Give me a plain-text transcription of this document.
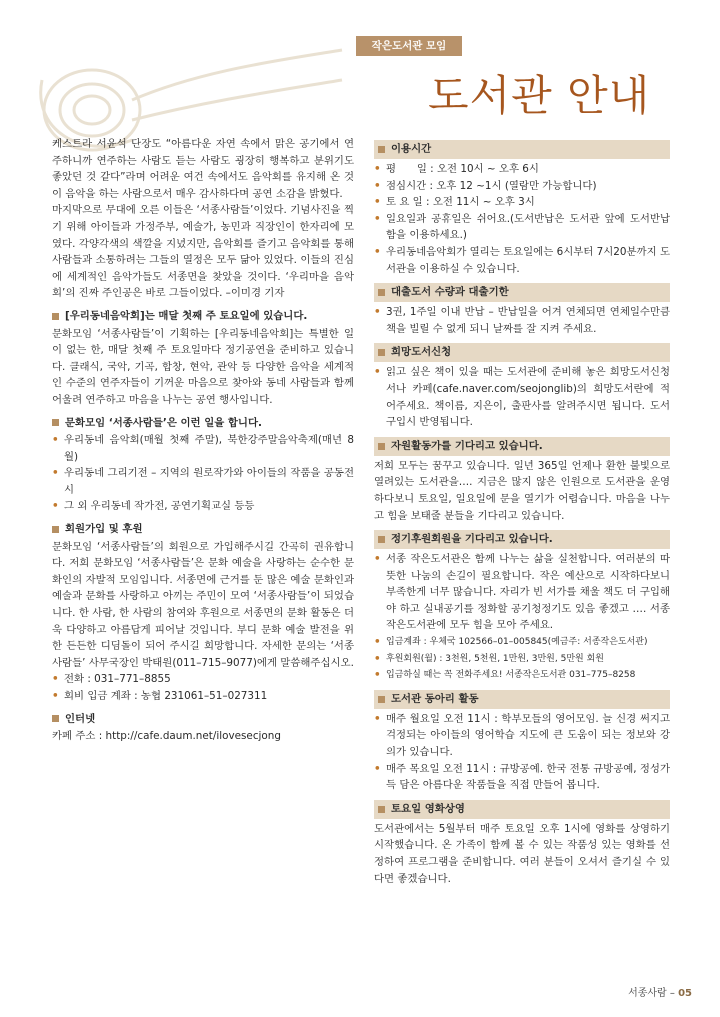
작은도서관 모임
도서관 안내

케스트라 서윤석 단장도 “아름다운 자연 속에서 맑은 공기에서 연주하니까 연주하는 사람도 듣는 사람도 굉장히 행복하고 분위기도 좋았던 것 같다”라며 어려운 여건 속에서도 음악회를 유지해 온 것이 음악을 하는 사람으로서 매우 감사하다며 공연 소감을 밝혔다.

마지막으로 무대에 오른 이들은 ‘서종사람들’이었다. 기념사진을 찍기 위해 아이들과 가정주부, 예술가, 농민과 직장인이 한자리에 모였다. 각양각색의 색깔을 지녔지만, 음악회를 즐기고 음악회를 통해 사람들과 소통하려는 그들의 열정은 모두 닮아 있었다. 이들의 진심에 세계적인 음악가들도 서종면을 찾았을 것이다. ‘우리마을 음악회’의 진짜 주인공은 바로 그들이었다. –이미경 기자

[우리동네음악회]는 매달 첫째 주 토요일에 있습니다.

문화모임 ‘서종사람들’이 기획하는 [우리동네음악회]는 특별한 일이 없는 한, 매달 첫째 주 토요일마다 정기공연을 준비하고 있습니다. 클래식, 국악, 기곡, 합창, 현악, 관악 등 다양한 음악을 세계적인 수준의 연주자들이 기꺼운 마음으로 찾아와 동네 사람들과 함께 어울려 연주하고 마음을 나누는 공연 행사입니다.

문화모임 ‘서종사람들’은 이런 일을 합니다.
• 우리동네 음악회(매월 첫째 주말), 북한강주말음악축제(매년 8월)
• 우리동네 그리기전 – 지역의 원로작가와 아이들의 작품을 공동전시
• 그 외 우리동네 작가전, 공연기획교실 등등
회원가입 및 후원

문화모임 ‘서종사람들’의 회원으로 가입해주시길 간곡히 권유합니다. 저희 문화모임 ‘서종사람들’은 문화 예술을 사랑하는 순수한 문화인의 자발적 모임입니다. 서종면에 근거를 둔 많은 예술 문화인과 예술과 문화를 사랑하고 아끼는 주민이 모여 ‘서종사람들’이 되었습니다. 한 사람, 한 사람의 참여와 후원으로 서종면의 문화 활동은 더욱 다양하고 아름답게 피어날 것입니다. 부디 문화 예술 발전을 위한 든든한 디딤돌이 되어 주시길 희망합니다. 자세한 문의는 ‘서종사람들’ 사무국장인 박태원(011–715–9077)에게 말씀해주십시오.

• 전화 : 031–771–8855
• 회비 입금 계좌 : 농협 231061–51–027311
인터넷

카페 주소 : http://cafe.daum.net/ilovesecjong

이용시간
• 평　　일 : 오전 10시 ~ 오후 6시
• 점심시간 : 오후 12 ~1시 (열람만 가능합니다)
• 토 요 일 : 오전 11시 ~ 오후 3시
• 일요일과 공휴일은 쉬어요.(도서반납은 도서관 앞에 도서반납함을 이용하세요.)
• 우리동네음악회가 열리는 토요일에는 6시부터 7시20분까지 도서관을 이용하실 수 있습니다.
대출도서 수량과 대출기한
• 3권, 1주일 이내 반납 – 반납일을 어겨 연체되면 연체일수만큼 책을 빌릴 수 없게 되니 날짜를 잘 지켜 주세요.
희망도서신청
• 읽고 싶은 책이 있을 때는 도서관에 준비해 놓은 희망도서신청서나 카페(cafe.naver.com/seojonglib)의 희망도서란에 적어주세요. 책이름, 지은이, 출판사를 알려주시면 됩니다. 도서 구입시 반영됩니다.
자원활동가를 기다리고 있습니다.

저희 모두는 꿈꾸고 있습니다. 일년 365일 언제나 환한 불빛으로 열려있는 도서관을…. 지금은 많지 않은 인원으로 도서관을 운영하다보니 토요일, 일요일에 문을 열기가 어렵습니다. 마음을 나누고 힘을 보태줄 분들을 기다리고 있습니다.

정기후원회원을 기다리고 있습니다.
• 서종 작은도서관은 함께 나누는 삶을 실천합니다. 여러분의 따뜻한 나눔의 손길이 필요합니다. 작은 예산으로 시작하다보니 부족한게 너무 많습니다. 자리가 빈 서가를 채울 책도 더 구입해야 하고 실내공기를 정화할 공기청정기도 있음 좋겠고 …. 서종 작은도서관에 모두 힘을 모아 주세요.
• 입금계좌 : 우체국 102566–01–005845(예금주: 서종작은도서관)
• 후원회원(월) : 3천원, 5천원, 1만원, 3만원, 5만원 회원
• 입금하실 때는 꼭 전화주세요! 서종작은도서관 031–775–8258
도서관 동아리 활동
• 매주 월요일 오전 11시 : 학부모들의 영어모임. 늘 신경 써지고 걱정되는 아이들의 영어학습 지도에 큰 도움이 되는 정보와 강의가 있습니다.
• 매주 목요일 오전 11시 : 규방공예. 한국 전통 규방공예, 정성가득 담은 아름다운 작품들을 직접 만들어 봅니다.
토요일 영화상영

도서관에서는 5월부터 매주 토요일 오후 1시에 영화를 상영하기 시작했습니다. 온 가족이 함께 볼 수 있는 작품성 있는 영화를 선정하여 프로그램을 준비합니다. 여러 분들이 오셔서 즐기실 수 있다면 좋겠습니다.

서종사람 – 05
